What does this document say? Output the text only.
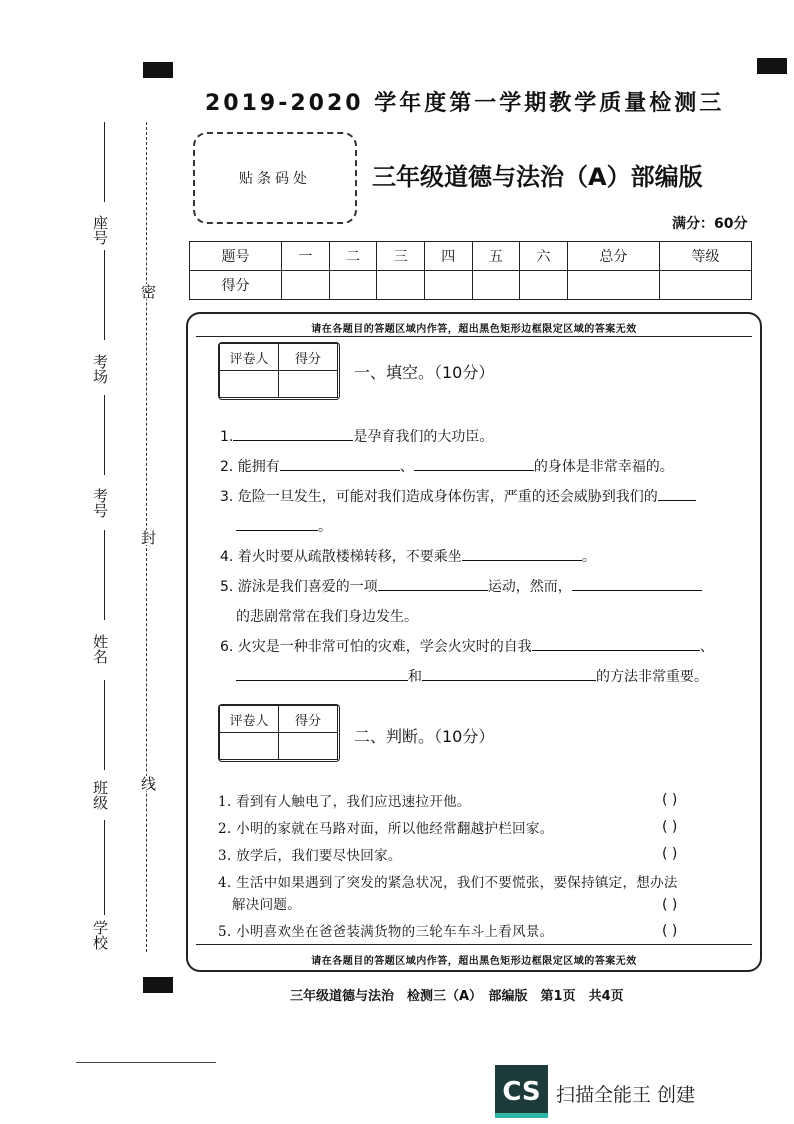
密
封
线
座号
考场
考号
姓名
班级
学校
2019-2020 学年度第一学期教学质量检测三
贴条码处	三年级道德与法治（A）部编版
满分：60分
题号	一	二	三	四	五	六	总分	等级
得分								
请在各题目的答题区域内作答，超出黑色矩形边框限定区域的答案无效
请在各题目的答题区域内作答，超出黑色矩形边框限定区域的答案无效
评卷人	得分

一、填空。（10分）
1.	是孕育我们的大功臣。
2. 能拥有	、	的身体是非常幸福的。
3. 危险一旦发生，可能对我们造成身体伤害，严重的还会威胁到我们的
。
4. 着火时要从疏散楼梯转移，不要乘坐	。
5. 游泳是我们喜爱的一项	运动，然而，
的悲剧常常在我们身边发生。
6. 火灾是一种非常可怕的灾难，学会火灾时的自我	、
和	的方法非常重要。
评卷人	得分

二、判断。（10分）
1. 看到有人触电了，我们应迅速拉开他。	( )
2. 小明的家就在马路对面，所以他经常翻越护栏回家。	( )
3. 放学后，我们要尽快回家。	( )
4. 生活中如果遇到了突发的紧急状况，我们不要慌张，要保持镇定，想办法
解决问题。	( )
5. 小明喜欢坐在爸爸装满货物的三轮车车斗上看风景。	( )
三年级道德与法治　检测三（A）　部编版　第1页　共4页
CS 扫描全能王 创建
